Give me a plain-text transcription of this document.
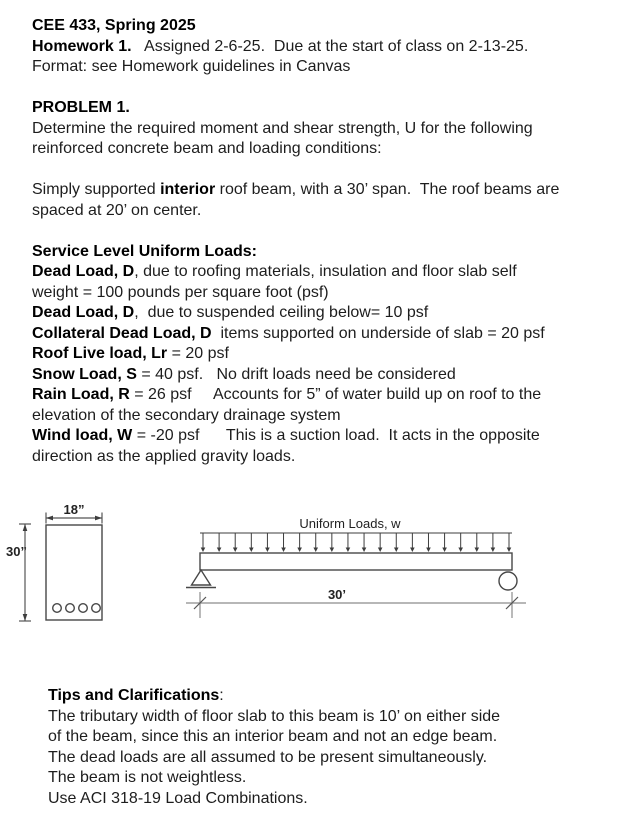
CEE 433, Spring 2025
Homework 1.   Assigned 2-6-25.  Due at the start of class on 2-13-25.
Format: see Homework guidelines in Canvas

PROBLEM 1.
Determine the required moment and shear strength, U for the following
reinforced concrete beam and loading conditions:

Simply supported interior roof beam, with a 30’ span.  The roof beams are
spaced at 20’ on center.

Service Level Uniform Loads:
Dead Load, D, due to roofing materials, insulation and floor slab self
weight = 100 pounds per square foot (psf)
Dead Load, D,  due to suspended ceiling below= 10 psf
Collateral Dead Load, D  items supported on underside of slab = 20 psf
Roof Live load, Lr = 20 psf
Snow Load, S = 40 psf.   No drift loads need be considered
Rain Load, R = 26 psf     Accounts for 5” of water build up on roof to the
elevation of the secondary drainage system
Wind load, W = -20 psf      This is a suction load.  It acts in the opposite
direction as the applied gravity loads.
18”
30”
Uniform Loads, w
30’
Tips and Clarifications:
The tributary width of floor slab to this beam is 10’ on either side
of the beam, since this an interior beam and not an edge beam.
The dead loads are all assumed to be present simultaneously.
The beam is not weightless.
Use ACI 318-19 Load Combinations.
